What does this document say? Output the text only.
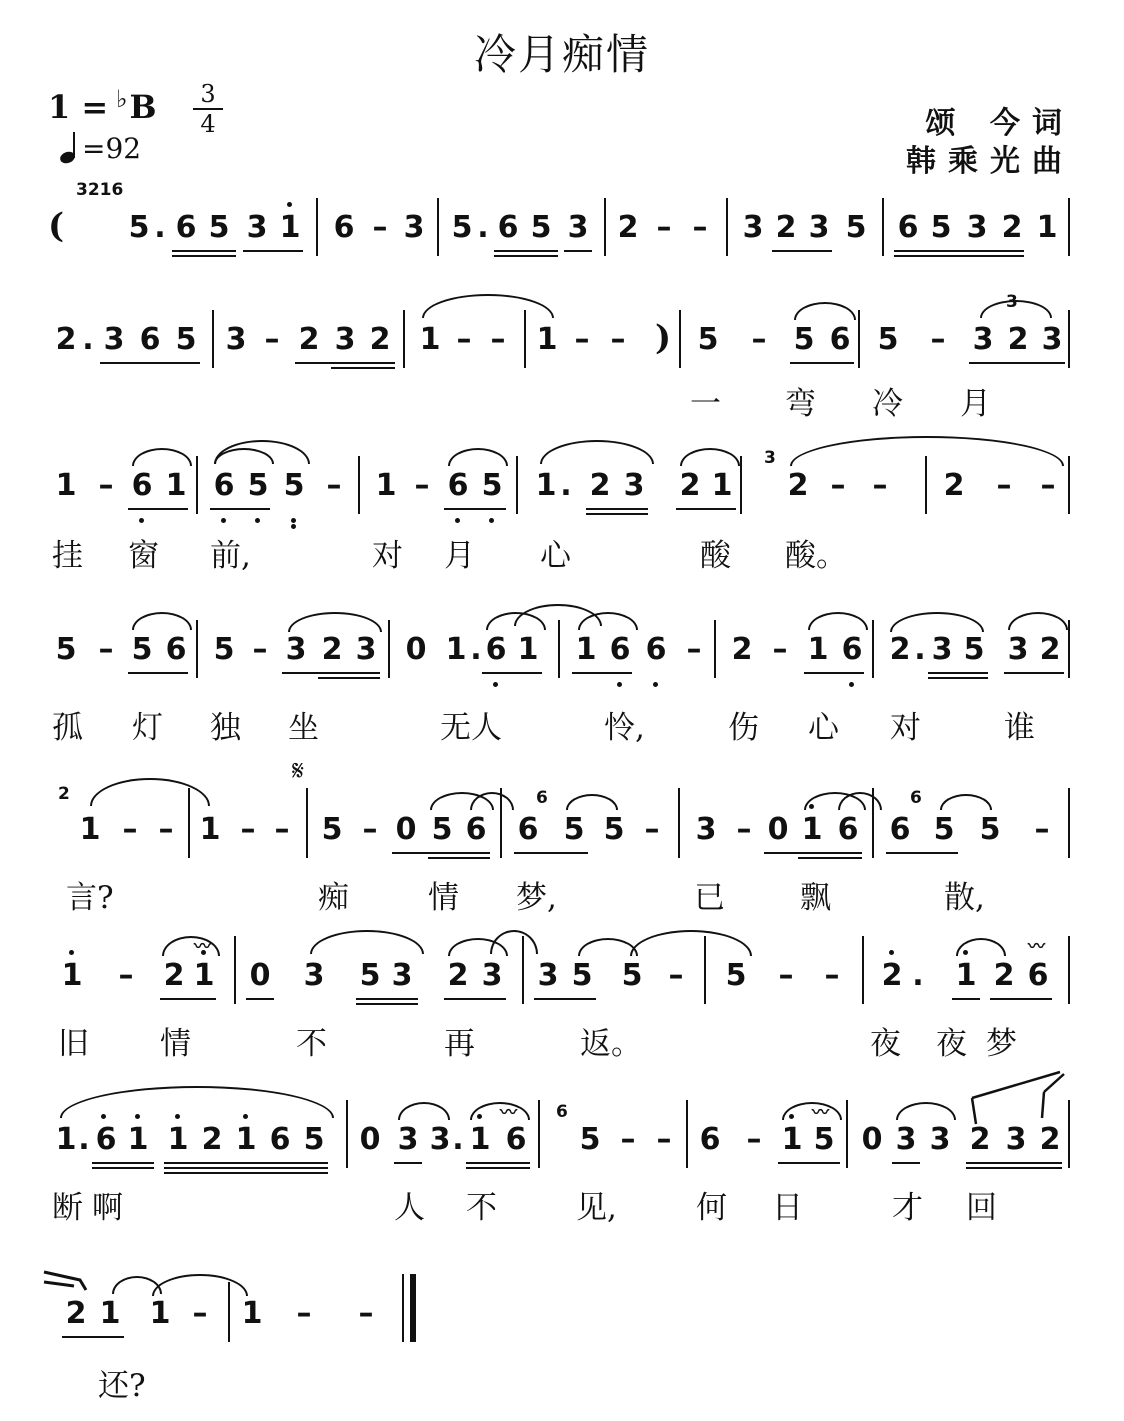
冷月痴情
1 = ♭B	3
4
=92
颂 今词
韩乘光曲
3216
( 5 . 6 5 3 1 6 – 3 5 . 6 5 3 2 – – 3 2 3 5 6 5 3 2 1
2 . 3 6 5 3 – 2 3 2 1 – – 1 – – ) 5 – 5 6 5 – 3 2 3
3
一 弯 冷 月
1 – 6 1 6 5 5 – 1 – 6 5 1 . 2 3 2 1 2 – – 2 – –
3
挂 窗 前,	对 月 心	酸 酸。
5 – 5 6 5 – 3 2 3 0 1 . 6 1 1 6 6 – 2 – 1 6 2 . 3 5 3 2
孤 灯 独 坐	无人	怜,	伤 心 对	谁
1 – – 1 – – 5 – 0 5 6 6 5 5 – 3 – 0 1 6 6 5 5 –
2	6	6
𝄋
言?	痴	情 梦,	已 飘	散,
1 – 2 1 0 3 5 3 2 3 3 5 5 – 5 – – 2 . 1 2 6
〰	〰
旧 情	不	再	返。	夜 夜 梦
1 . 6 1 1 2 1 6 5 0 3 3 . 1 6 5 – – 6 – 1 5 0 3 3 2 3 2
6
〰	〰
断 啊	人 不	见,	何 日	才 回
2 1 1 – 1 – –
还?
